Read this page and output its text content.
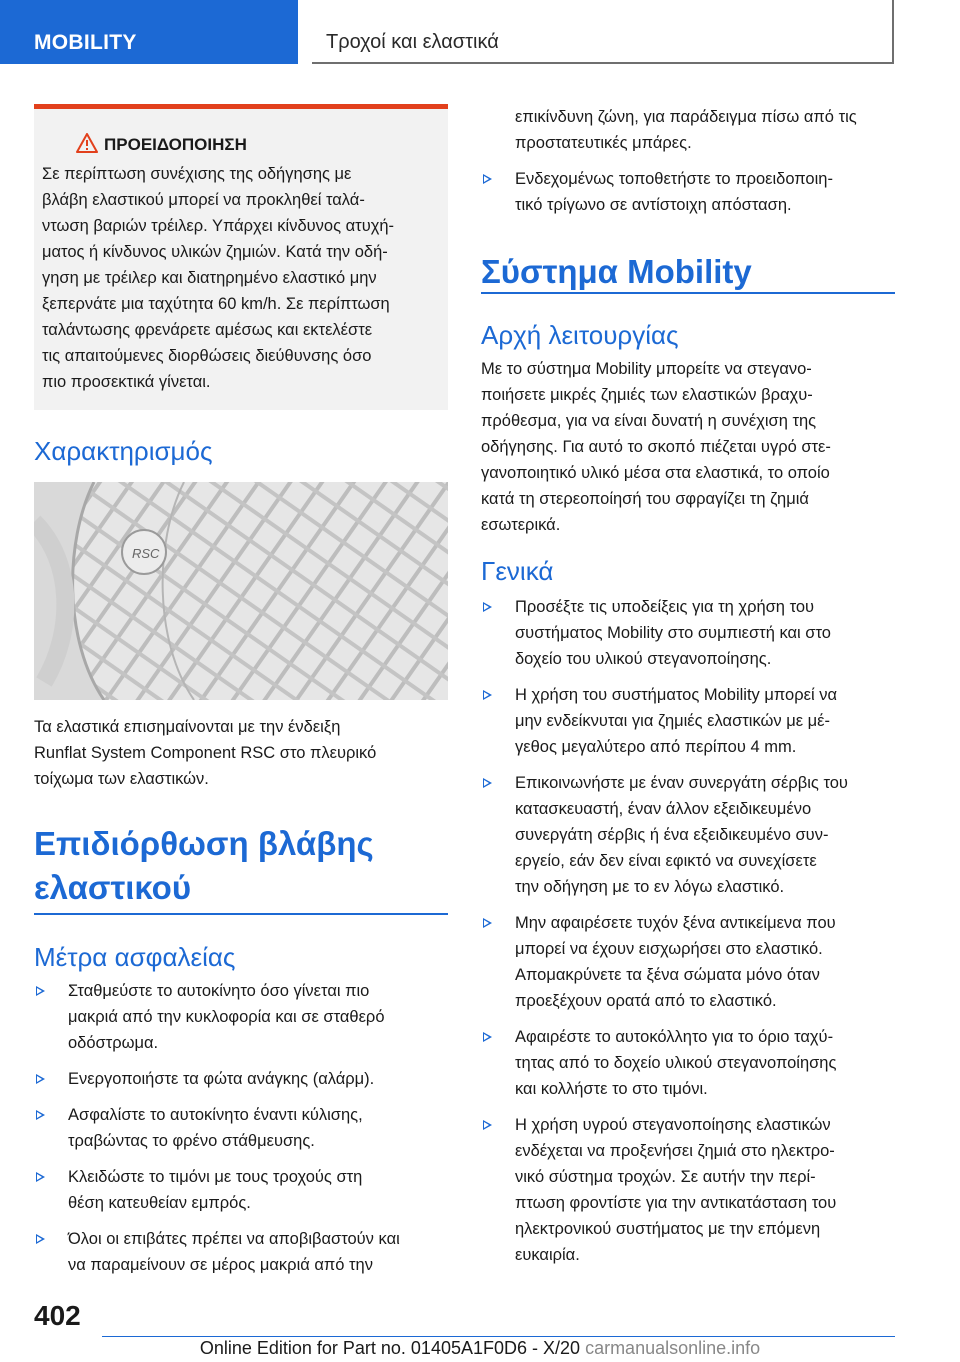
MOBILITY	Τροχοί και ελαστικά
ΠΡΟΕΙΔΟΠΟΙΗΣΗ
Σε περίπτωση συνέχισης της οδήγησης με
βλάβη ελαστικού μπορεί να προκληθεί ταλά-
ντωση βαριών τρέιλερ. Υπάρχει κίνδυνος ατυχή-
ματος ή κίνδυνος υλικών ζημιών. Κατά την οδή-
γηση με τρέιλερ και διατηρημένο ελαστικό μην
ξεπερνάτε μια ταχύτητα 60 km/h. Σε περίπτωση
ταλάντωσης φρενάρετε αμέσως και εκτελέστε
τις απαιτούμενες διορθώσεις διεύθυνσης όσο
πιο προσεκτικά γίνεται.
Χαρακτηρισμός
RSC
Τα ελαστικά επισημαίνονται με την ένδειξη
Runflat System Component RSC στο πλευρικό
τοίχωμα των ελαστικών.
Επιδιόρθωση βλάβης
ελαστικού
Μέτρα ασφαλείας
Σταθμεύστε το αυτοκίνητο όσο γίνεται πιο
μακριά από την κυκλοφορία και σε σταθερό
οδόστρωμα.
Ενεργοποιήστε τα φώτα ανάγκης (αλάρμ).
Ασφαλίστε το αυτοκίνητο έναντι κύλισης,
τραβώντας το φρένο στάθμευσης.
Κλειδώστε το τιμόνι με τους τροχούς στη
θέση κατευθείαν εμπρός.
Όλοι οι επιβάτες πρέπει να αποβιβαστούν και
να παραμείνουν σε μέρος μακριά από την
επικίνδυνη ζώνη, για παράδειγμα πίσω από τις
προστατευτικές μπάρες.
Ενδεχομένως τοποθετήστε το προειδοποιη-
τικό τρίγωνο σε αντίστοιχη απόσταση.
Σύστημα Mobility
Αρχή λειτουργίας
Με το σύστημα Mobility μπορείτε να στεγανο-
ποιήσετε μικρές ζημιές των ελαστικών βραχυ-
πρόθεσμα, για να είναι δυνατή η συνέχιση της
οδήγησης. Για αυτό το σκοπό πιέζεται υγρό στε-
γανοποιητικό υλικό μέσα στα ελαστικά, το οποίο
κατά τη στερεοποίησή του σφραγίζει τη ζημιά
εσωτερικά.
Γενικά
Προσέξτε τις υποδείξεις για τη χρήση του
συστήματος Mobility στο συμπιεστή και στο
δοχείο του υλικού στεγανοποίησης.
Η χρήση του συστήματος Mobility μπορεί να
μην ενδείκνυται για ζημιές ελαστικών με μέ-
γεθος μεγαλύτερο από περίπου 4 mm.
Επικοινωνήστε με έναν συνεργάτη σέρβις του
κατασκευαστή, έναν άλλον εξειδικευμένο
συνεργάτη σέρβις ή ένα εξειδικευμένο συν-
εργείο, εάν δεν είναι εφικτό να συνεχίσετε
την οδήγηση με το εν λόγω ελαστικό.
Μην αφαιρέσετε τυχόν ξένα αντικείμενα που
μπορεί να έχουν εισχωρήσει στο ελαστικό.
Απομακρύνετε τα ξένα σώματα μόνο όταν
προεξέχουν ορατά από το ελαστικό.
Αφαιρέστε το αυτοκόλλητο για το όριο ταχύ-
τητας από το δοχείο υλικού στεγανοποίησης
και κολλήστε το στο τιμόνι.
Η χρήση υγρού στεγανοποίησης ελαστικών
ενδέχεται να προξενήσει ζημιά στο ηλεκτρο-
νικό σύστημα τροχών. Σε αυτήν την περί-
πτωση φροντίστε για την αντικατάσταση του
ηλεκτρονικού συστήματος με την επόμενη
ευκαιρία.
402
Online Edition for Part no. 01405A1F0D6 - X/20 carmanualsonline.info
